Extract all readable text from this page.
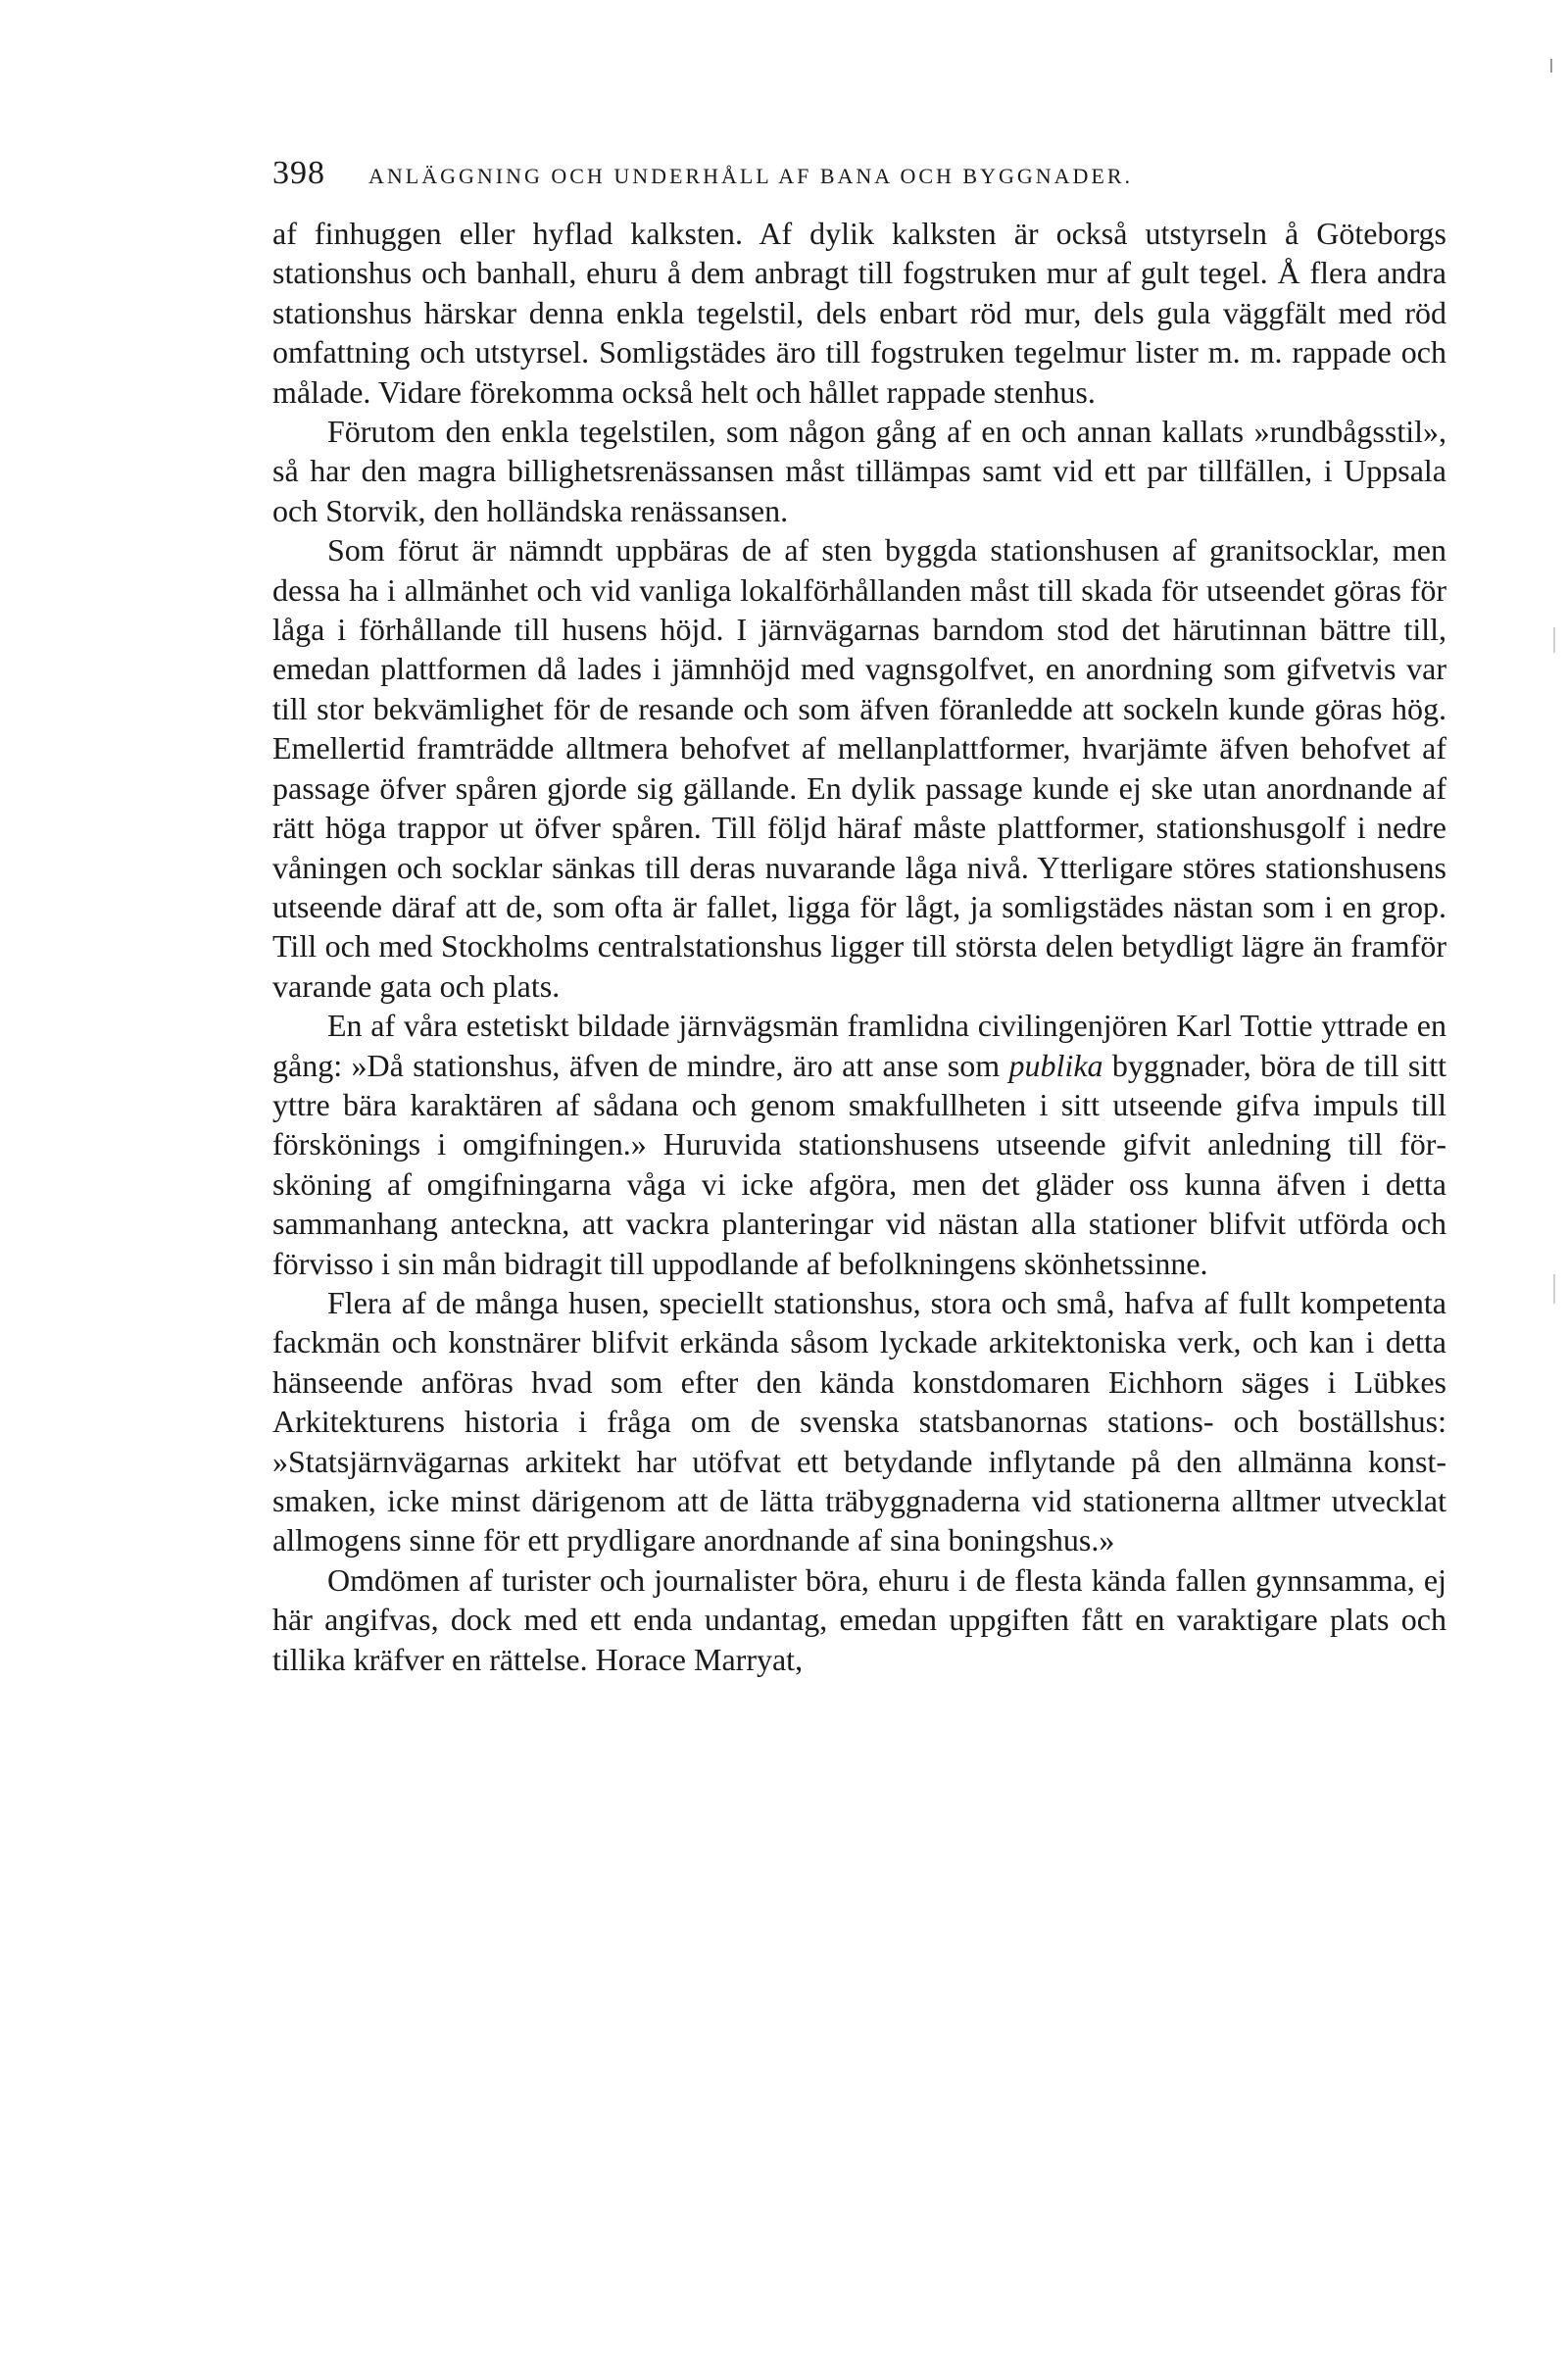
398 ANLÄGGNING OCH UNDERHÅLL AF BANA OCH BYGGNADER.

af finhuggen eller hyflad kalksten. Af dylik kalksten är också utstyrseln å Göteborgs stationshus och banhall, ehuru å dem anbragt till fogstruken mur af gult tegel. Å flera andra stationshus härskar denna enkla tegelstil, dels enbart röd mur, dels gula väggfält med röd omfattning och utstyrsel. Somligstädes äro till fogstruken tegelmur lister m. m. rappade och målade. Vidare förekomma också helt och hållet rappade stenhus.

Förutom den enkla tegelstilen, som någon gång af en och annan kallats »rundbågsstil», så har den magra billighetsrenässansen måst tillämpas samt vid ett par tillfällen, i Uppsala och Storvik, den holländska renässansen.

Som förut är nämndt uppbäras de af sten byggda stationshusen af granitsocklar, men dessa ha i allmänhet och vid vanliga lokalförhållanden måst till skada för utseendet göras för låga i förhållande till husens höjd. I järnvägarnas barndom stod det härutinnan bättre till, emedan plattformen då lades i jämnhöjd med vagnsgolfvet, en anordning som gifvetvis var till stor bekvämlighet för de resande och som äfven föranledde att sockeln kunde göras hög. Emellertid framträdde alltmera behofvet af mellanplattformer, hvarjämte äfven behofvet af passage öfver spåren gjorde sig gällande. En dylik passage kunde ej ske utan anordnande af rätt höga trappor ut öfver spåren. Till följd häraf måste plattformer, stationshusgolf i nedre våningen och socklar sänkas till deras nuvarande låga nivå. Ytterligare störes stationshusens utseende däraf att de, som ofta är fallet, ligga för lågt, ja somligstädes nästan som i en grop. Till och med Stockholms centralstationshus ligger till största delen betydligt lägre än framför varande gata och plats.

En af våra estetiskt bildade järnvägsmän framlidna civilingenjören Karl Tottie yttrade en gång: »Då stationshus, äfven de mindre, äro att anse som publika byggnader, böra de till sitt yttre bära karaktären af sådana och genom smakfullheten i sitt utseende gifva impuls till förskönings i omgifningen.» Huruvida stationshusens utseende gifvit anledning till försköning af omgifningarna våga vi icke afgöra, men det gläder oss kunna äfven i detta sammanhang anteckna, att vackra planteringar vid nästan alla stationer blifvit utförda och förvisso i sin mån bidragit till uppodlande af befolkningens skönhetssinne.

Flera af de många husen, speciellt stationshus, stora och små, hafva af fullt kompetenta fackmän och konstnärer blifvit erkända såsom lyckade arkitektoniska verk, och kan i detta hänseende anföras hvad som efter den kända konstdomaren Eichhorn säges i Lübkes Arkitekturens historia i fråga om de svenska statsbanornas stations- och boställshus: »Statsjärnvägarnas arkitekt har utöfvat ett betydande inflytande på den allmänna konstsmaken, icke minst därigenom att de lätta träbyggnaderna vid stationerna alltmer utvecklat allmogens sinne för ett prydligare anordnande af sina boningshus.»

Omdömen af turister och journalister böra, ehuru i de flesta kända fallen gynnsamma, ej här angifvas, dock med ett enda undantag, emedan uppgiften fått en varaktigare plats och tillika kräfver en rättelse. Horace Marryat,
